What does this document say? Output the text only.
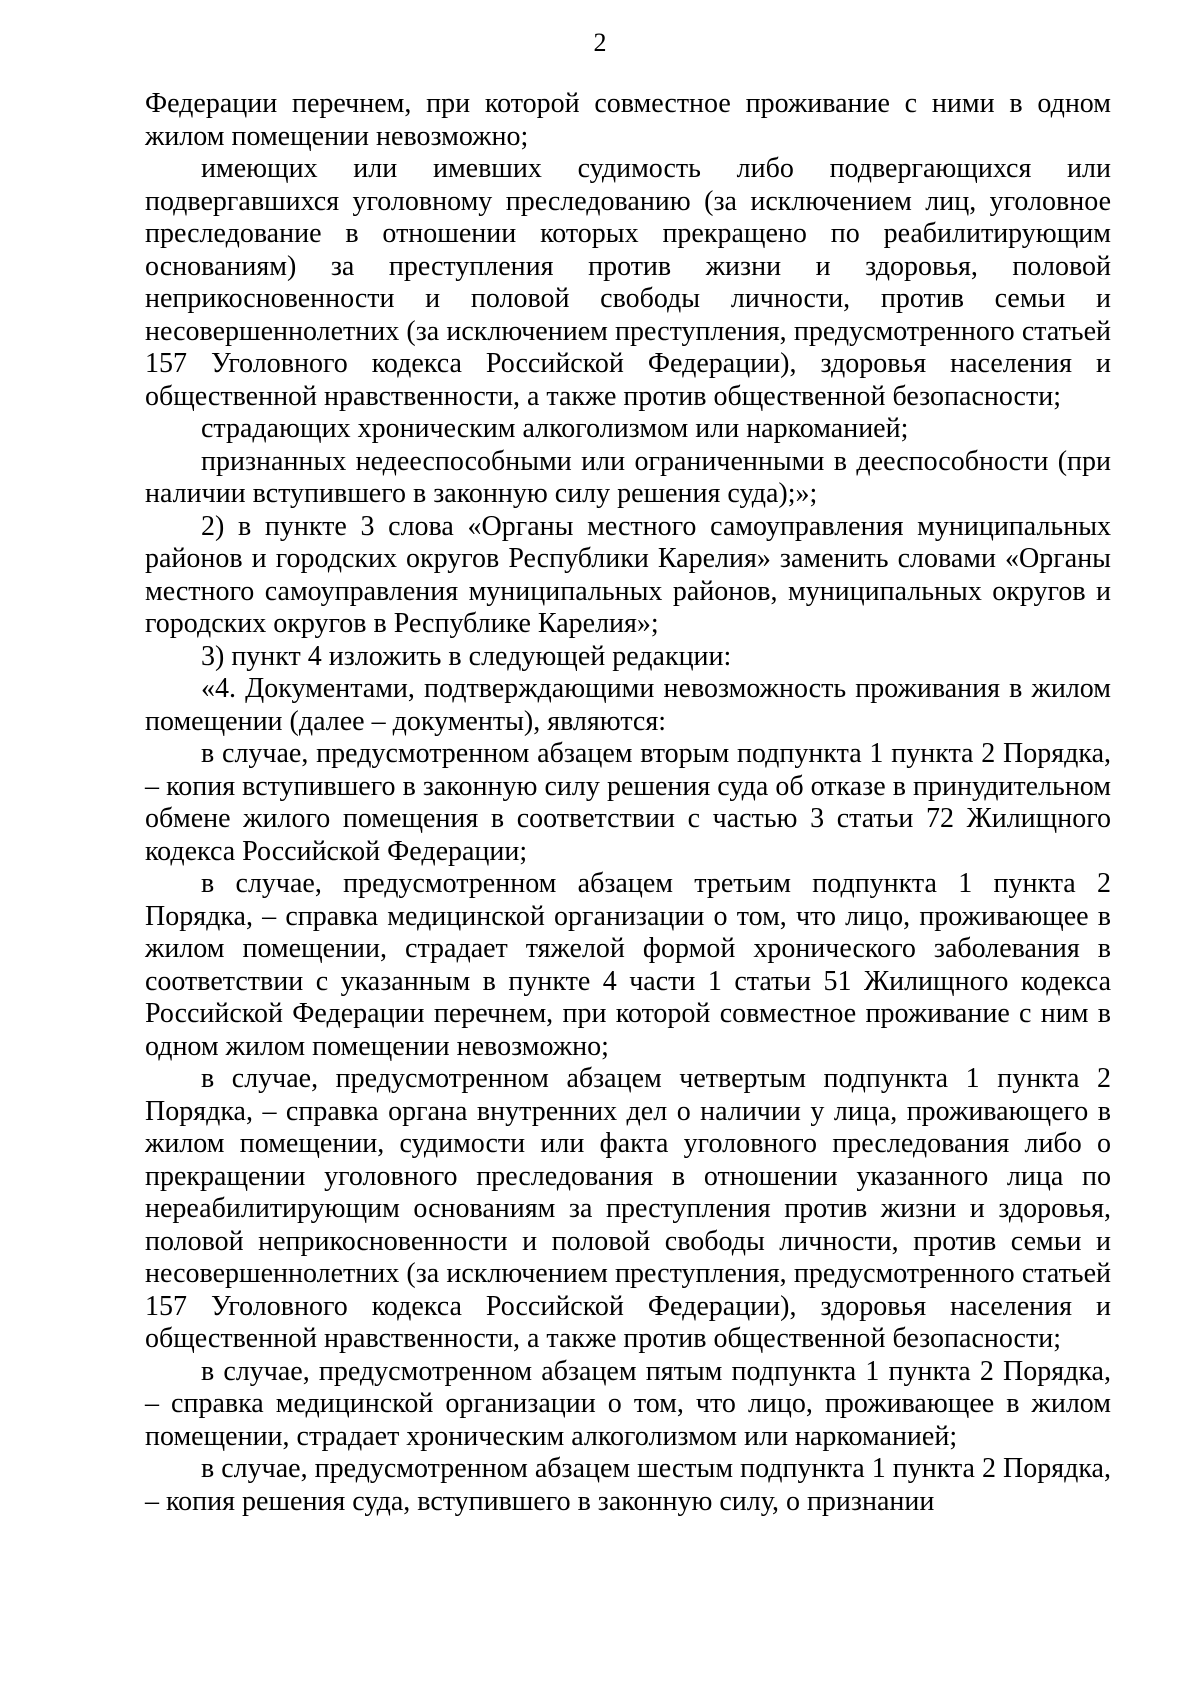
2

Федерации перечнем, при которой совместное проживание с ними в одном жилом помещении невозможно;

имеющих или имевших судимость либо подвергающихся или подвергавшихся уголовному преследованию (за исключением лиц, уголовное преследование в отношении которых прекращено по реабилитирующим основаниям) за преступления против жизни и здоровья, половой неприкосновенности и половой свободы личности, против семьи и несовершеннолетних (за исключением преступления, предусмотренного статьей 157 Уголовного кодекса Российской Федерации), здоровья населения и общественной нравственности, а также против общественной безопасности;

страдающих хроническим алкоголизмом или наркоманией;

признанных недееспособными или ограниченными в дееспособности (при наличии вступившего в законную силу решения суда);»;

2) в пункте 3 слова «Органы местного самоуправления муниципальных районов и городских округов Республики Карелия» заменить словами «Органы местного самоуправления муниципальных районов, муниципальных округов и городских округов в Республике Карелия»;

3) пункт 4 изложить в следующей редакции:

«4. Документами, подтверждающими невозможность проживания в жилом помещении (далее – документы), являются:

в случае, предусмотренном абзацем вторым подпункта 1 пункта 2 Порядка, – копия вступившего в законную силу решения суда об отказе в принудительном обмене жилого помещения в соответствии с частью 3 статьи 72 Жилищного кодекса Российской Федерации;

в случае, предусмотренном абзацем третьим подпункта 1 пункта 2 Порядка, – справка медицинской организации о том, что лицо, проживающее в жилом помещении, страдает тяжелой формой хронического заболевания в соответствии с указанным в пункте 4 части 1 статьи 51 Жилищного кодекса Российской Федерации перечнем, при которой совместное проживание с ним в одном жилом помещении невозможно;

в случае, предусмотренном абзацем четвертым подпункта 1 пункта 2 Порядка, – справка органа внутренних дел о наличии у лица, проживающего в жилом помещении, судимости или факта уголовного преследования либо о прекращении уголовного преследования в отношении указанного лица по нереабилитирующим основаниям за преступления против жизни и здоровья, половой неприкосновенности и половой свободы личности, против семьи и несовершеннолетних (за исключением преступления, предусмотренного статьей 157 Уголовного кодекса Российской Федерации), здоровья населения и общественной нравственности, а также против общественной безопасности;

в случае, предусмотренном абзацем пятым подпункта 1 пункта 2 Порядка, – справка медицинской организации о том, что лицо, проживающее в жилом помещении, страдает хроническим алкоголизмом или наркоманией;

в случае, предусмотренном абзацем шестым подпункта 1 пункта 2 Порядка, – копия решения суда, вступившего в законную силу, о признании
